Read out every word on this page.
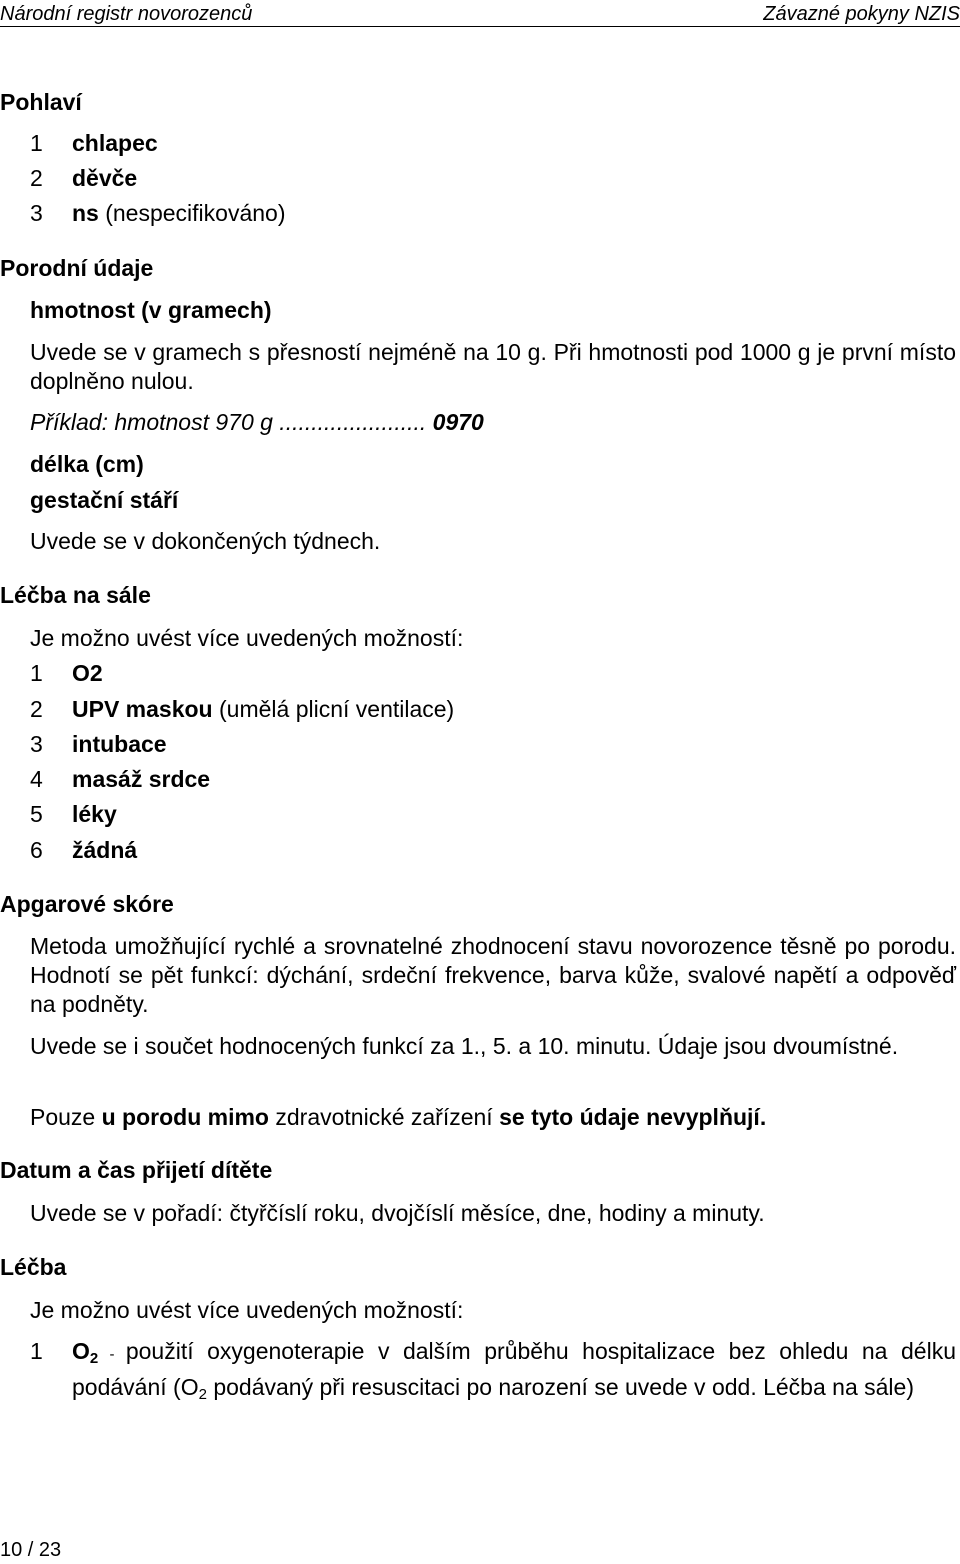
Národní registr novorozenců	Závazné pokyny NZIS
Pohlaví
1 chlapec
2 děvče
3 ns (nespecifikováno)
Porodní údaje
hmotnost (v gramech)
Uvede se v gramech s přesností nejméně na 10 g. Při hmotnosti pod 1000 g je první místo doplněno nulou.
Příklad: hmotnost 970 g ....................... 0970
délka (cm)
gestační stáří
Uvede se v dokončených týdnech.
Léčba na sále
Je možno uvést více uvedených možností:
1 O2
2 UPV maskou (umělá plicní ventilace)
3 intubace
4 masáž srdce
5 léky
6 žádná
Apgarové skóre
Metoda umožňující rychlé a srovnatelné zhodnocení stavu novorozence těsně po porodu. Hodnotí se pět funkcí: dýchání, srdeční frekvence, barva kůže, svalové napětí a odpověď na podněty.
Uvede se i součet hodnocených funkcí za 1., 5. a 10. minutu. Údaje jsou dvoumístné.
Pouze u porodu mimo zdravotnické zařízení se tyto údaje nevyplňují.
Datum a čas přijetí dítěte
Uvede se v pořadí: čtyřčíslí roku, dvojčíslí měsíce, dne, hodiny a minuty.
Léčba
Je možno uvést více uvedených možností:
1 $O_2$ - použití oxygenoterapie v dalším průběhu hospitalizace bez ohledu na délku podávání ($O_2$ podávaný při resuscitaci po narození se uvede v odd. Léčba na sále)
10 / 23
